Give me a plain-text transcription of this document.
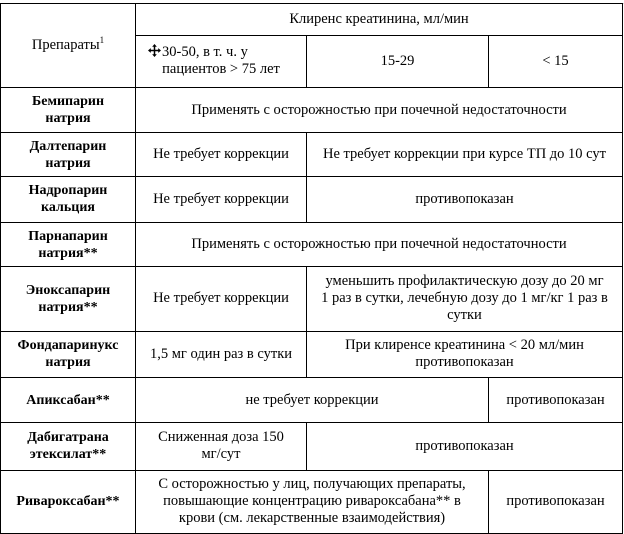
Препараты$^1$	Клиренс креатинина, мл/мин		

	30-50, в т. ч. у
пациентов > 75 лет	15-29	< 15

Бемипарин
натрия	Применять с осторожностью при почечной недостаточности		

Далтепарин
натрия	Не требует коррекции	Не требует коррекции при курсе ТП до 10 сут	

Надропарин
кальция	Не требует коррекции	противопоказан	

Парнапарин
натрия**	Применять с осторожностью при почечной недостаточности		

Эноксапарин
натрия**	Не требует коррекции	уменьшить профилактическую дозу до 20 мг
1 раз в сутки, лечебную дозу до 1 мг/кг 1 раз в
сутки	

Фондапаринукс
натрия	1,5 мг один раз в сутки	При клиренсе креатинина < 20 мл/мин
противопоказан	

Апиксабан**	не требует коррекции		противопоказан

Дабигатрана
этексилат**	Сниженная доза 150
мг/сут	противопоказан	
Ривароксабан**	С осторожностью у лиц, получающих препараты,
повышающие концентрацию ривароксабана** в
крови (см. лекарственные взаимодействия)		противопоказан
